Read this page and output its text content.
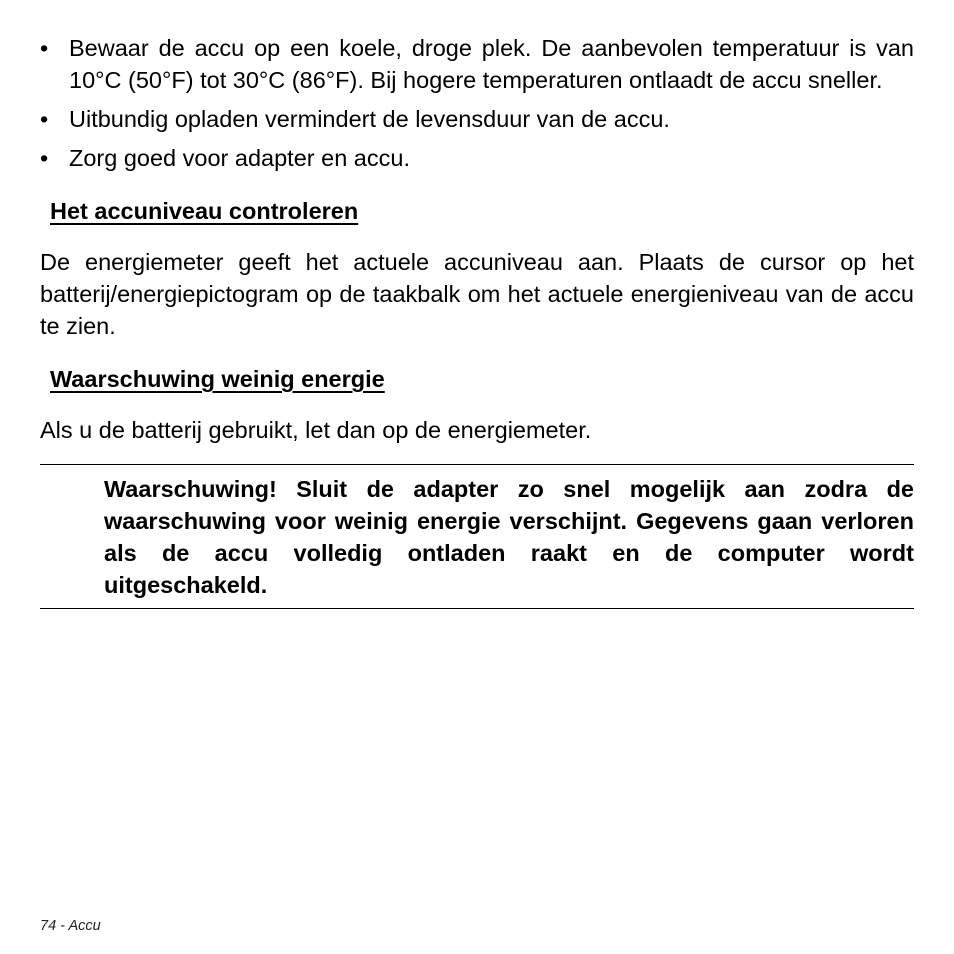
• Bewaar de accu op een koele, droge plek. De aanbevolen temperatuur is van 10°C (50°F) tot 30°C (86°F). Bij hogere temperaturen ontlaadt de accu sneller.
• Uitbundig opladen vermindert de levensduur van de accu.
• Zorg goed voor adapter en accu.
Het accuniveau controleren

De energiemeter geeft het actuele accuniveau aan. Plaats de cursor op het batterij/energiepictogram op de taakbalk om het actuele energieniveau van de accu te zien.

Waarschuwing weinig energie

Als u de batterij gebruikt, let dan op de energiemeter.

Waarschuwing! Sluit de adapter zo snel mogelijk aan zodra de waarschuwing voor weinig energie verschijnt. Gegevens gaan verloren als de accu volledig ontladen raakt en de computer wordt uitgeschakeld.

74 - Accu
